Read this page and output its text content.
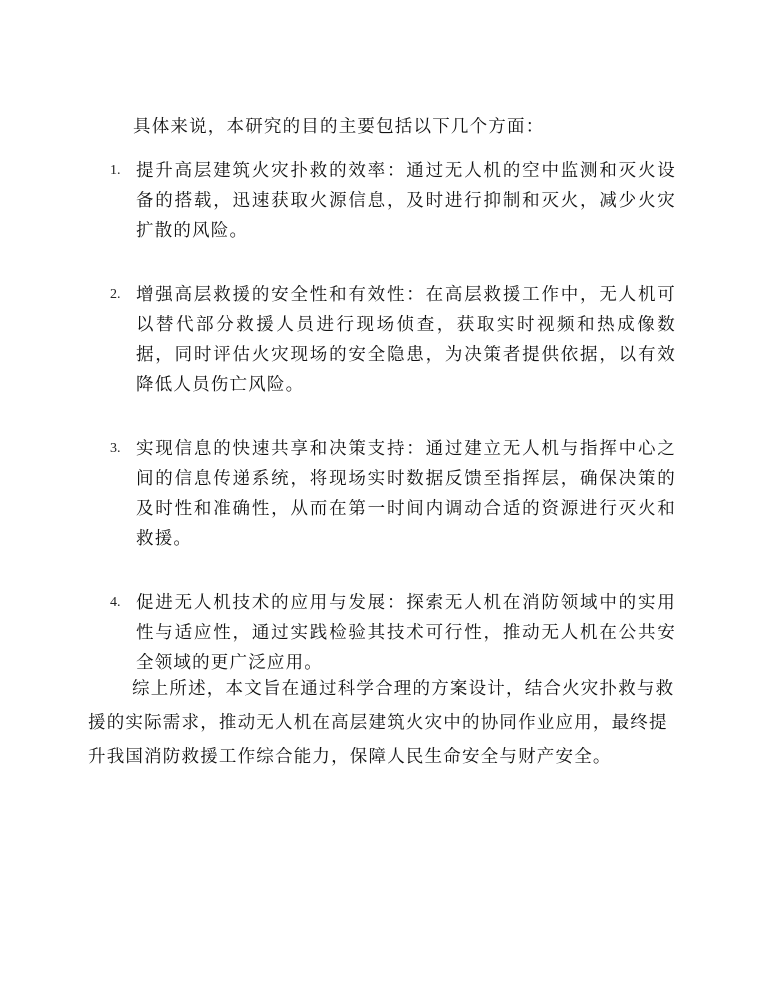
具体来说，本研究的目的主要包括以下几个方面：

1. 提升高层建筑火灾扑救的效率：通过无人机的空中监测和灭火设备的搭载，迅速获取火源信息，及时进行抑制和灭火，减少火灾扩散的风险。
2. 增强高层救援的安全性和有效性：在高层救援工作中，无人机可以替代部分救援人员进行现场侦查，获取实时视频和热成像数据，同时评估火灾现场的安全隐患，为决策者提供依据，以有效降低人员伤亡风险。
3. 实现信息的快速共享和决策支持：通过建立无人机与指挥中心之间的信息传递系统，将现场实时数据反馈至指挥层，确保决策的及时性和准确性，从而在第一时间内调动合适的资源进行灭火和救援。
4. 促进无人机技术的应用与发展：探索无人机在消防领域中的实用性与适应性，通过实践检验其技术可行性，推动无人机在公共安全领域的更广泛应用。

综上所述，本文旨在通过科学合理的方案设计，结合火灾扑救与救援的实际需求，推动无人机在高层建筑火灾中的协同作业应用，最终提升我国消防救援工作综合能力，保障人民生命安全与财产安全。
